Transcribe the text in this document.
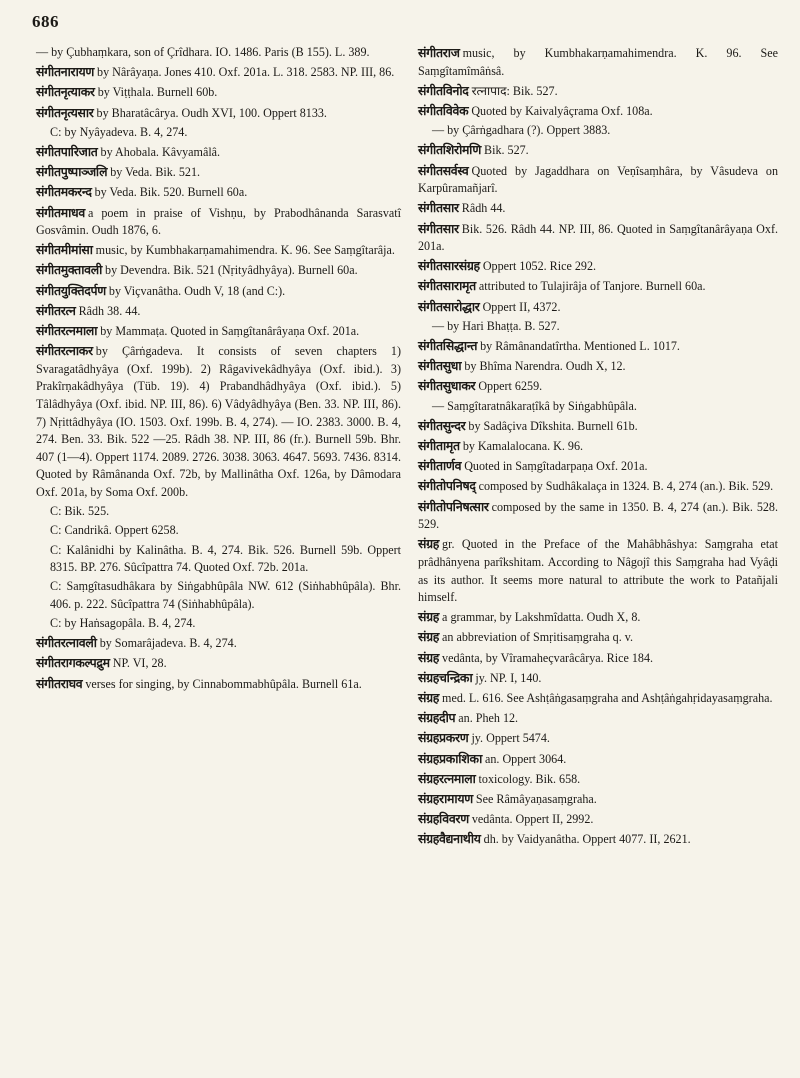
686

— by Çubhaṃkara, son of Çrîdhara. IO. 1486. Paris (B 155). L. 389.

संगीतनारायण by Nârâyaṇa. Jones 410. Oxf. 201a. L. 318. 2583. NP. III, 86.

संगीतनृत्याकर by Viṭṭhala. Burnell 60b.

संगीतनृत्यसार by Bharatâcârya. Oudh XVI, 100. Oppert 8133.

C: by Nyâyadeva. B. 4, 274.

संगीतपारिजात by Ahobala. Kâvyamâlâ.

संगीतपुष्पाञ्जलि by Veda. Bik. 521.

संगीतमकरन्द by Veda. Bik. 520. Burnell 60a.

संगीतमाधव a poem in praise of Vishṇu, by Prabodhânanda Sarasvatî Gosvâmin. Oudh 1876, 6.

संगीतमीमांसा music, by Kumbhakarṇamahimendra. K. 96. See Saṃgîtarâja.

संगीतमुक्तावली by Devendra. Bik. 521 (Nṛityâdhyâya). Burnell 60a.

संगीतयुक्तिदर्पण by Viçvanâtha. Oudh V, 18 (and C:).

संगीतरत्न Râdh 38. 44.

संगीतरत्नमाला by Mammaṭa. Quoted in Saṃgîtanârâyaṇa Oxf. 201a.

संगीतरत्नाकर by Çârṅgadeva. It consists of seven chapters 1) Svaragatâdhyâya (Oxf. 199b). 2) Râgavivekâdhyâya (Oxf. ibid.). 3) Prakîrṇakâdhyâya (Tüb. 19). 4) Prabandhâdhyâya (Oxf. ibid.). 5) Tâlâdhyâya (Oxf. ibid. NP. III, 86). 6) Vâdyâdhyâya (Ben. 33. NP. III, 86). 7) Nṛittâdhyâya (IO. 1503. Oxf. 199b. B. 4, 274). — IO. 2383. 3000. B. 4, 274. Ben. 33. Bik. 522 —25. Râdh 38. NP. III, 86 (fr.). Burnell 59b. Bhr. 407 (1—4). Oppert 1174. 2089. 2726. 3038. 3063. 4647. 5693. 7436. 8314. Quoted by Râmânanda Oxf. 72b, by Mallinâtha Oxf. 126a, by Dâmodara Oxf. 201a, by Soma Oxf. 200b.

C: Bik. 525.

C: Candrikâ. Oppert 6258.

C: Kalânidhi by Kalinâtha. B. 4, 274. Bik. 526. Burnell 59b. Oppert 8315. BP. 276. Sûcîpattra 74. Quoted Oxf. 72b. 201a.

C: Saṃgîtasudhâkara by Siṅgabhûpâla NW. 612 (Siṅhabhûpâla). Bhr. 406. p. 222. Sûcîpattra 74 (Siṅhabhûpâla).

C: by Haṅsagopâla. B. 4, 274.

संगीतरत्नावली by Somarâjadeva. B. 4, 274.

संगीतरागकल्पद्रुम NP. VI, 28.

संगीतराघव verses for singing, by Cinnabommabhûpâla. Burnell 61a.

संगीतराज music, by Kumbhakarṇamahimendra. K. 96. See Saṃgîtamîmâṅsâ.

संगीतविनोद रत्नापाद: Bik. 527.

संगीतविवेक Quoted by Kaivalyâçrama Oxf. 108a.

— by Çârṅgadhara (?). Oppert 3883.

संगीतशिरोमणि Bik. 527.

संगीतसर्वस्व Quoted by Jagaddhara on Veṇîsaṃhâra, by Vâsudeva on Karpûramañjarî.

संगीतसार Râdh 44.

संगीतसार Bik. 526. Râdh 44. NP. III, 86. Quoted in Saṃgîtanârâyaṇa Oxf. 201a.

संगीतसारसंग्रह Oppert 1052. Rice 292.

संगीतसारामृत attributed to Tulajirâja of Tanjore. Burnell 60a.

संगीतसारोद्धार Oppert II, 4372.

— by Hari Bhaṭṭa. B. 527.

संगीतसिद्धान्त by Râmânandatîrtha. Mentioned L. 1017.

संगीतसुधा by Bhîma Narendra. Oudh X, 12.

संगीतसुधाकर Oppert 6259.

— Saṃgîtaratnâkaraṭîkâ by Siṅgabhûpâla.

संगीतसुन्दर by Sadâçiva Dîkshita. Burnell 61b.

संगीतामृत by Kamalalocana. K. 96.

संगीतार्णव Quoted in Saṃgîtadarpaṇa Oxf. 201a.

संगीतोपनिषद् composed by Sudhâkalaça in 1324. B. 4, 274 (an.). Bik. 529.

संगीतोपनिषत्सार composed by the same in 1350. B. 4, 274 (an.). Bik. 528. 529.

संग्रह gr. Quoted in the Preface of the Mahâbhâshya: Saṃgraha etat prâdhânyena parîkshitam. According to Nâgojî this Saṃgraha had Vyâḍi as its author. It seems more natural to attribute the work to Patañjali himself.

संग्रह a grammar, by Lakshmîdatta. Oudh X, 8.

संग्रह an abbreviation of Smṛitisaṃgraha q. v.

संग्रह vedânta, by Vîramaheçvarâcârya. Rice 184.

संग्रहचन्द्रिका jy. NP. I, 140.

संग्रह med. L. 616. See Ashṭâṅgasaṃgraha and Ashṭâṅgahṛidayasaṃgraha.

संग्रहदीप an. Pheh 12.

संग्रहप्रकरण jy. Oppert 5474.

संग्रहप्रकाशिका an. Oppert 3064.

संग्रहरत्नमाला toxicology. Bik. 658.

संग्रहरामायण See Râmâyaṇasaṃgraha.

संग्रहविवरण vedânta. Oppert II, 2992.

संग्रहवैद्यनाथीय dh. by Vaidyanâtha. Oppert 4077. II, 2621.
